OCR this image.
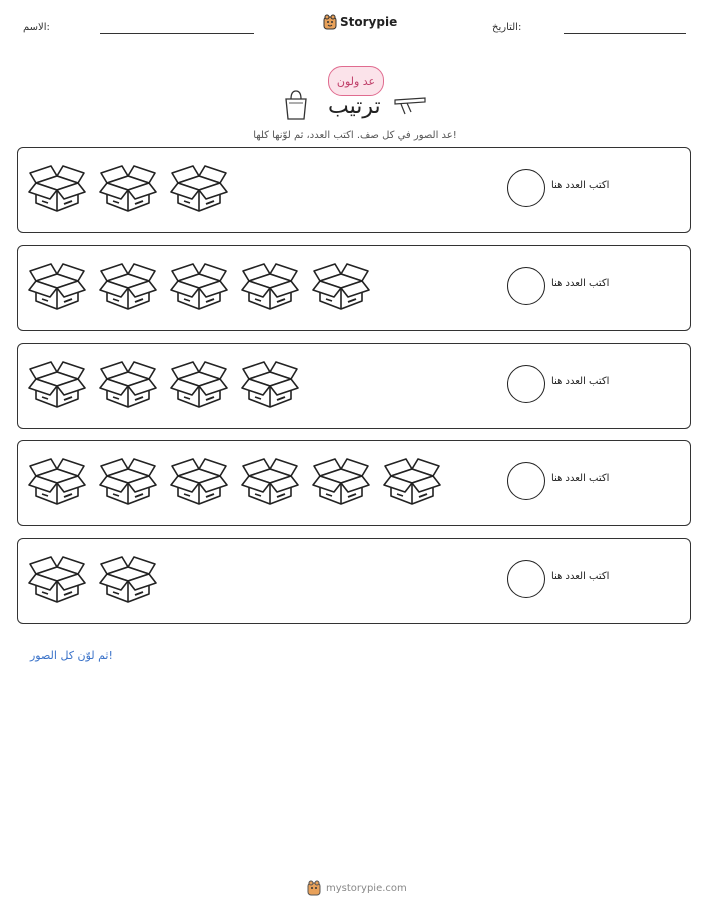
الاسم:	Storypie	التاريخ:
عد ولون
ترتيب
عد الصور في كل صف. اكتب العدد، ثم لوّنها كلها!
اكتب العدد هنا
اكتب العدد هنا
اكتب العدد هنا
اكتب العدد هنا
اكتب العدد هنا
ثم لوّن كل الصور!
mystorypie.com
